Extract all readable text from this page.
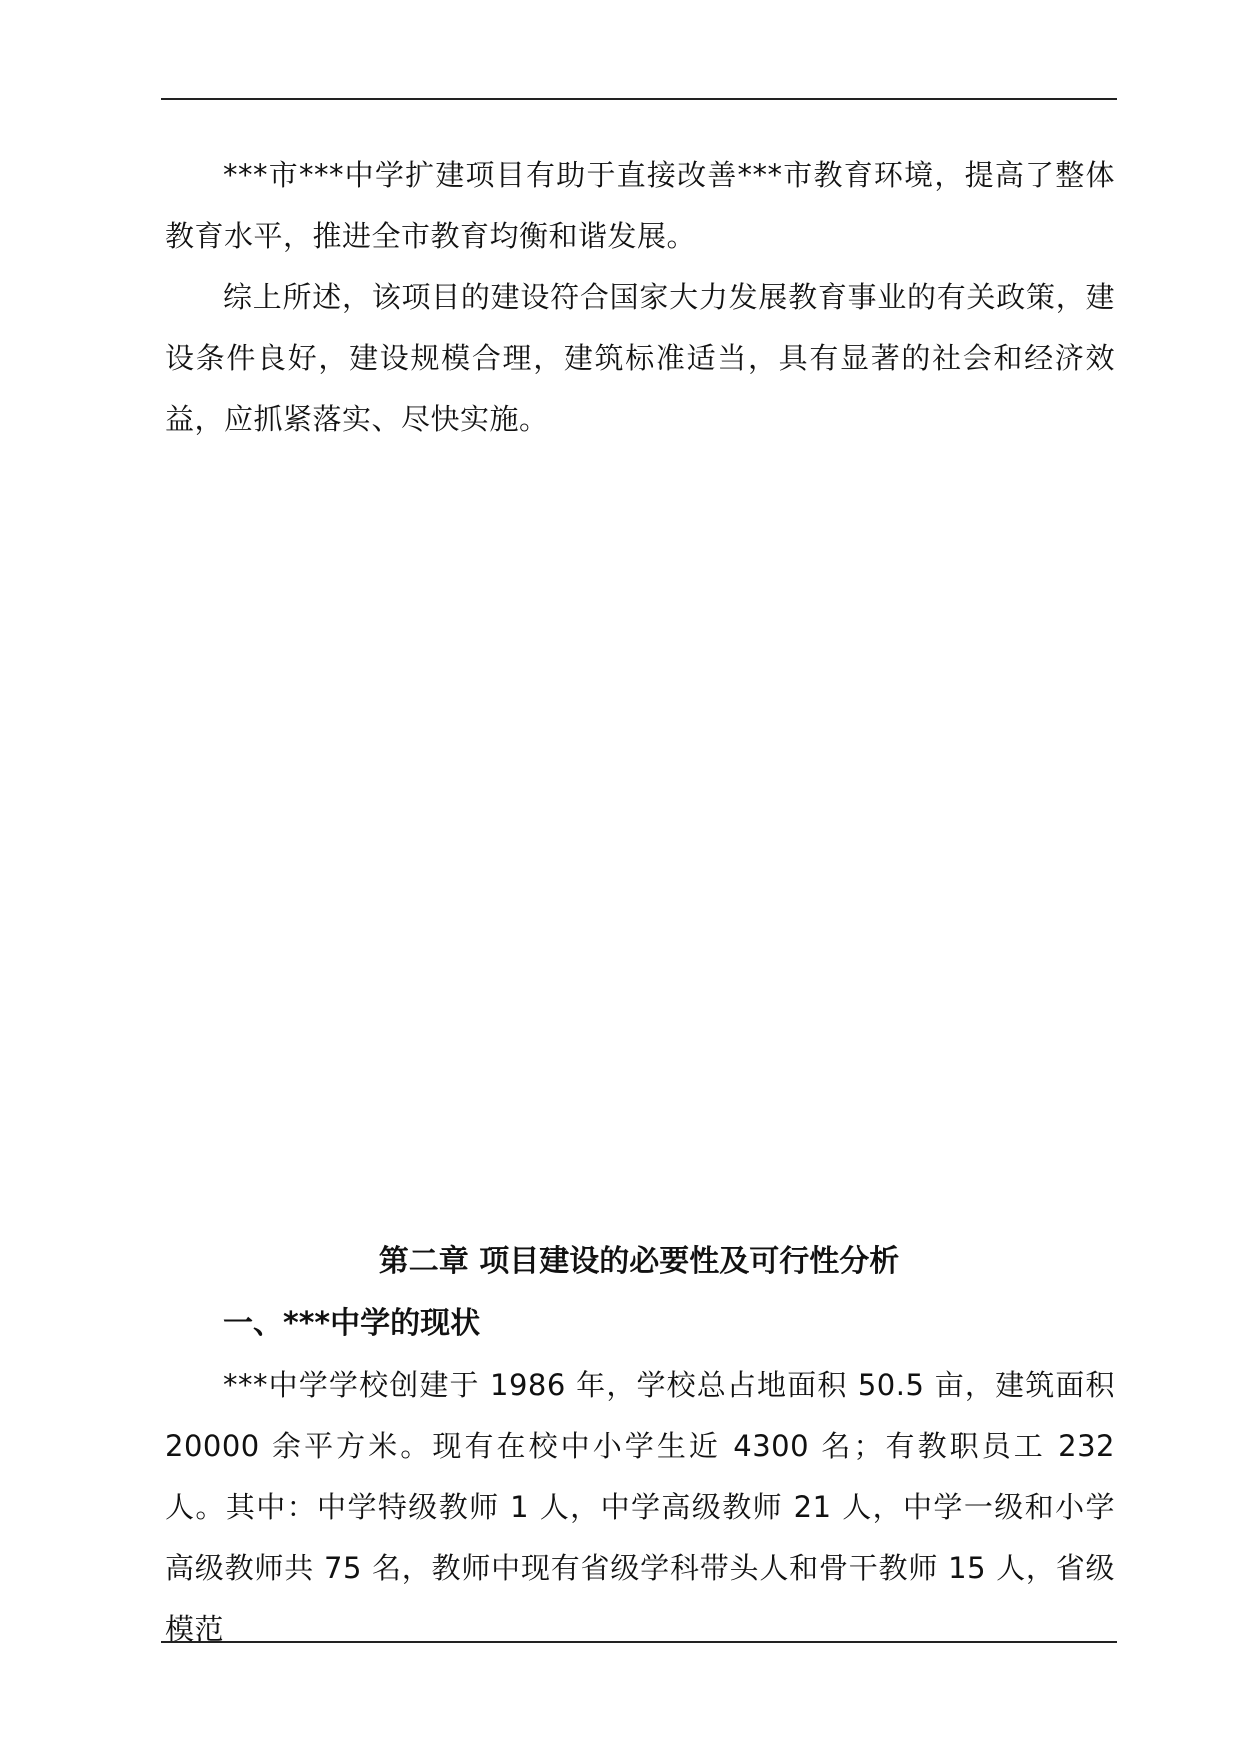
***市***中学扩建项目有助于直接改善***市教育环境，提高了整体教育水平，推进全市教育均衡和谐发展。

综上所述，该项目的建设符合国家大力发展教育事业的有关政策，建设条件良好，建设规模合理，建筑标准适当，具有显著的社会和经济效益，应抓紧落实、尽快实施。

第二章 项目建设的必要性及可行性分析
一、***中学的现状

***中学学校创建于 1986 年，学校总占地面积 50.5 亩，建筑面积 20000 余平方米。现有在校中小学生近 4300 名；有教职员工 232 人。其中：中学特级教师 1 人，中学高级教师 21 人，中学一级和小学高级教师共 75 名，教师中现有省级学科带头人和骨干教师 15 人，省级模范
